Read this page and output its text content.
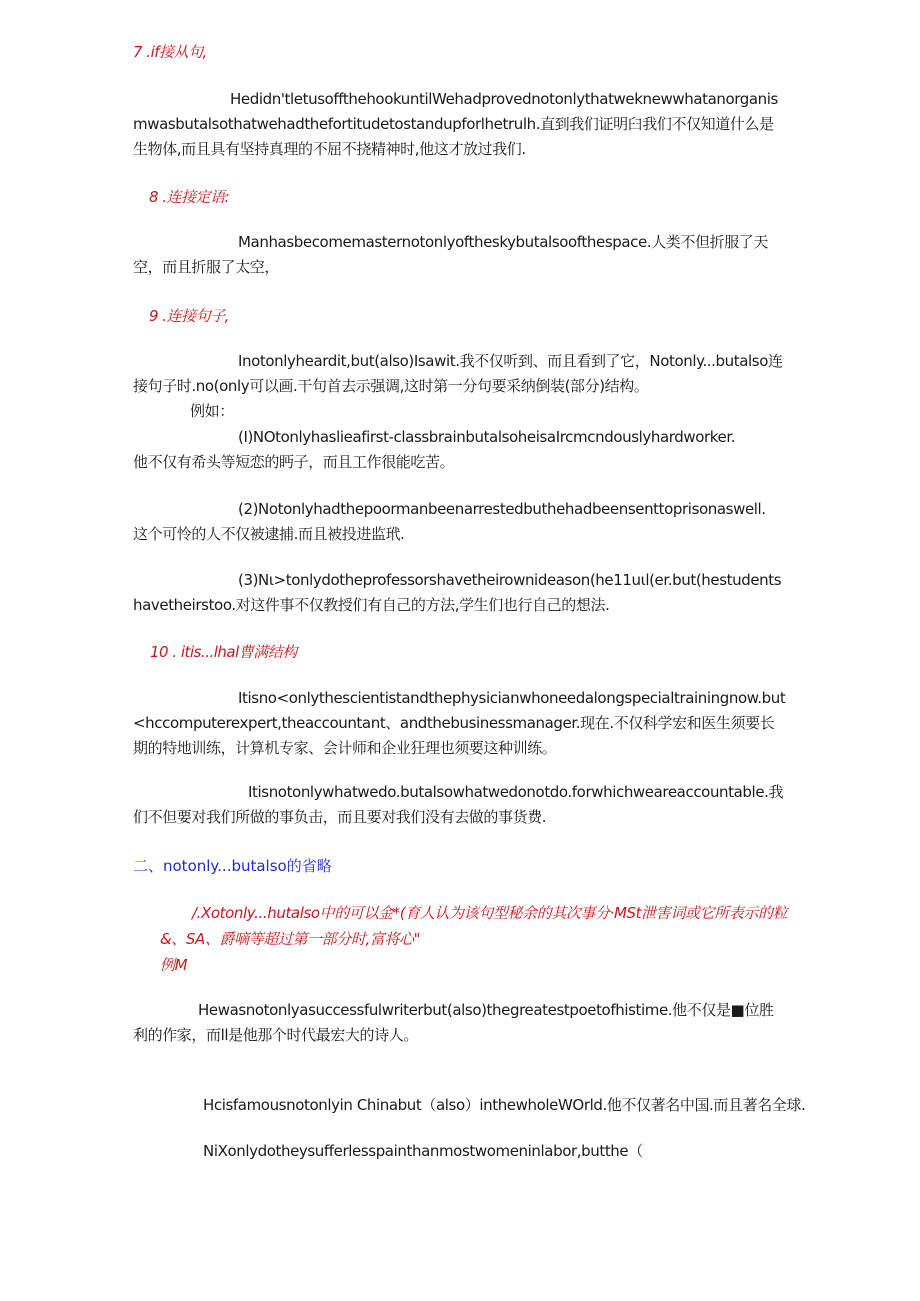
7 .if接从句,

Hedidn'tletusoffthehookuntilWehadprovednotonlythatweknewwhatanorganismwasbutalsothatwehadthefortitudetostandupforlhetrulh.直到我们证明臼我们不仅知道什么是生物体,而且具有坚持真理的不屈不挠精神时,他这才放过我们.

8 .连接定语:

Manhasbecomemasternotonlyoftheskybutalsoofthespace.人类不但折服了天空，而且折服了太空，

9 .连接句子,

Inotonlyheardit,but(also)Isawit.我不仅听到、而且看到了它，Notonly...butalso连接句子时.no(only可以画.干句首去示强调,这时第一分句要采纳倒装(部分)结构。

例如：
(I)NOtonlyhaslieafirst-classbrainbutalsoheisaIrcmcndouslyhardworker.
他不仅有希头等短恋的眄子，而且工作很能吃苦。
(2)Notonlyhadthepoormanbeenarrestedbuthehadbeensenttoprisonaswell.
这个可怜的人不仅被逮捕.而且被投进监玳.

(3)Nι>tonlydotheprofessorshavetheirownideason(he11uιl(er.but(hestudentshavetheirstoo.对这件事不仅教授们有自己的方法,学生们也行自己的想法.

10 . itis...lhal曹满结构

Itisno<onlythescientistandthephysicianwhoneedalongspecialtrainingnow.but<hccomputerexpert,theaccountant、andthebusinessmanager.现在.不仅科学宏和医生须要长期的特地训练，计算机专家、会计师和企业狂理也须要这种训练。

Itisnotonlywhatwedo.butalsowhatwedonotdo.forwhichweareaccountable.我们不但要对我们所做的事负击，而且要对我们没有去做的事货费.

二、notonly...butalso的省略

/.Xotonly...hutalso中的可以金*(育人认为该句型秘余的其次事分·MSt泄害词或它所表示的粒&、SA、爵嘀等超过第一部分时,富将心"

例M

Hewasnotonlyasuccessfulwriterbut(also)thegreatestpoetofhistime.他不仅是■位胜利的作家，而ll是他那个时代最宏大的诗人。

Hcisfamousnotonlyin Chinabut（also）inthewholeWOrld.他不仅著名中国.而且著名全球.
NiXonlydotheysufferlesspainthanmostwomeninlabor,butthe（
